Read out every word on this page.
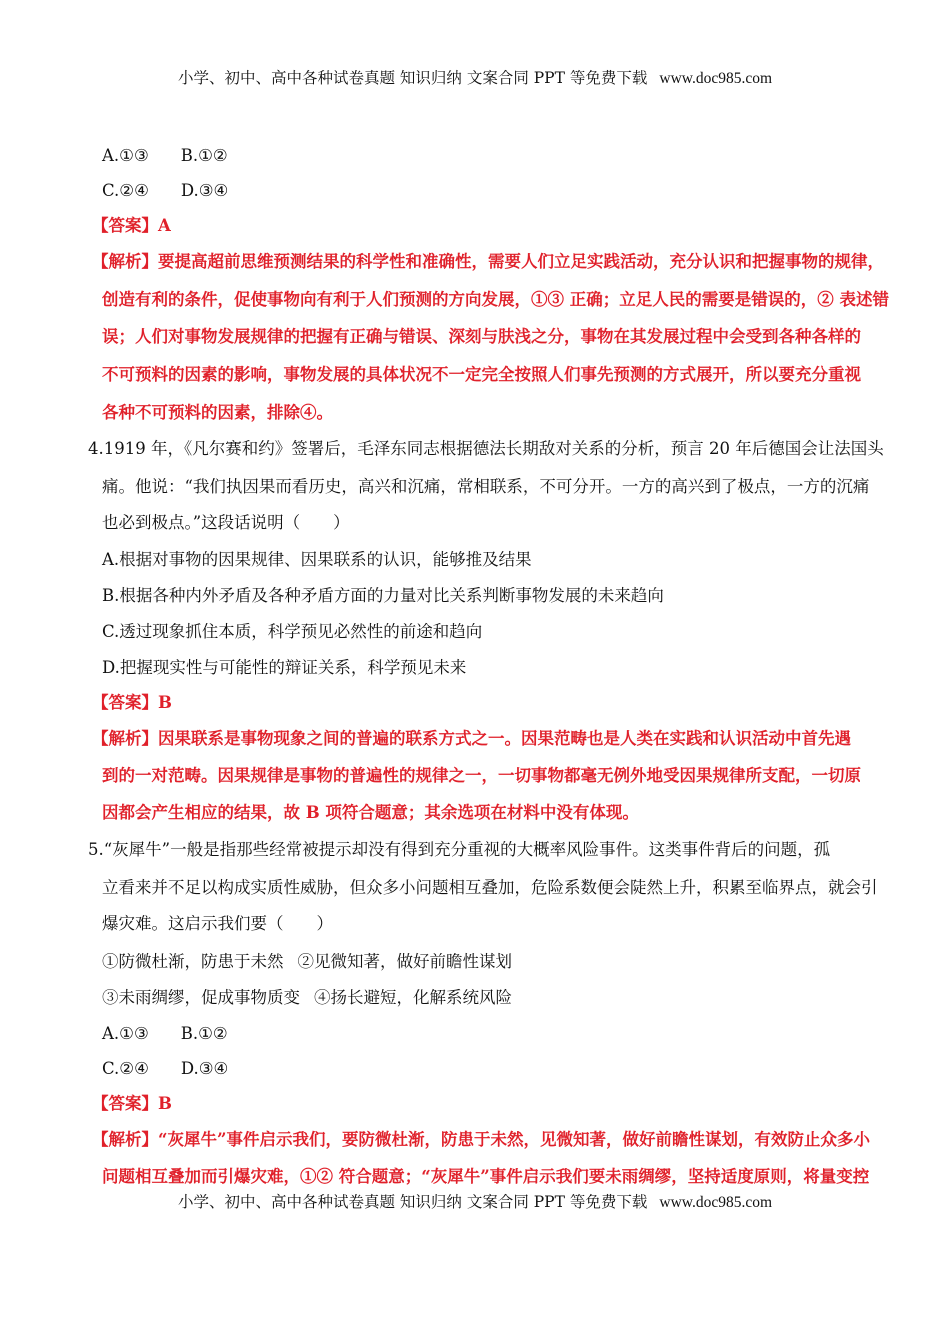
小学、初中、高中各种试卷真题 知识归纳 文案合同 PPT 等免费下载 www.doc985.com
A.①③ B.①②
C.②④ D.③④
【答案】A
【解析】要提高超前思维预测结果的科学性和准确性，需要人们立足实践活动，充分认识和把握事物的规律，
创造有利的条件，促使事物向有利于人们预测的方向发展，①③ 正确；立足人民的需要是错误的，② 表述错
误；人们对事物发展规律的把握有正确与错误、深刻与肤浅之分，事物在其发展过程中会受到各种各样的
不可预料的因素的影响，事物发展的具体状况不一定完全按照人们事先预测的方式展开，所以要充分重视
各种不可预料的因素，排除④。
4.1919 年，《凡尔赛和约》签署后，毛泽东同志根据德法长期敌对关系的分析，预言 20 年后德国会让法国头
痛。他说：“我们执因果而看历史，高兴和沉痛，常相联系，不可分开。一方的高兴到了极点，一方的沉痛
也必到极点。”这段话说明（　　）
A.根据对事物的因果规律、因果联系的认识，能够推及结果
B.根据各种内外矛盾及各种矛盾方面的力量对比关系判断事物发展的未来趋向
C.透过现象抓住本质，科学预见必然性的前途和趋向
D.把握现实性与可能性的辩证关系，科学预见未来
【答案】B
【解析】因果联系是事物现象之间的普遍的联系方式之一。因果范畴也是人类在实践和认识活动中首先遇
到的一对范畴。因果规律是事物的普遍性的规律之一，一切事物都毫无例外地受因果规律所支配，一切原
因都会产生相应的结果，故 B 项符合题意；其余选项在材料中没有体现。
5.“灰犀牛”一般是指那些经常被提示却没有得到充分重视的大概率风险事件。这类事件背后的问题，孤
立看来并不足以构成实质性威胁，但众多小问题相互叠加，危险系数便会陡然上升，积累至临界点，就会引
爆灾难。这启示我们要（　　）
①防微杜渐，防患于未然 ②见微知著，做好前瞻性谋划
③未雨绸缪，促成事物质变 ④扬长避短，化解系统风险
A.①③ B.①②
C.②④ D.③④
【答案】B
【解析】“灰犀牛”事件启示我们，要防微杜渐，防患于未然，见微知著，做好前瞻性谋划，有效防止众多小
问题相互叠加而引爆灾难，①② 符合题意；“灰犀牛”事件启示我们要未雨绸缪，坚持适度原则，将量变控
小学、初中、高中各种试卷真题 知识归纳 文案合同 PPT 等免费下载 www.doc985.com
